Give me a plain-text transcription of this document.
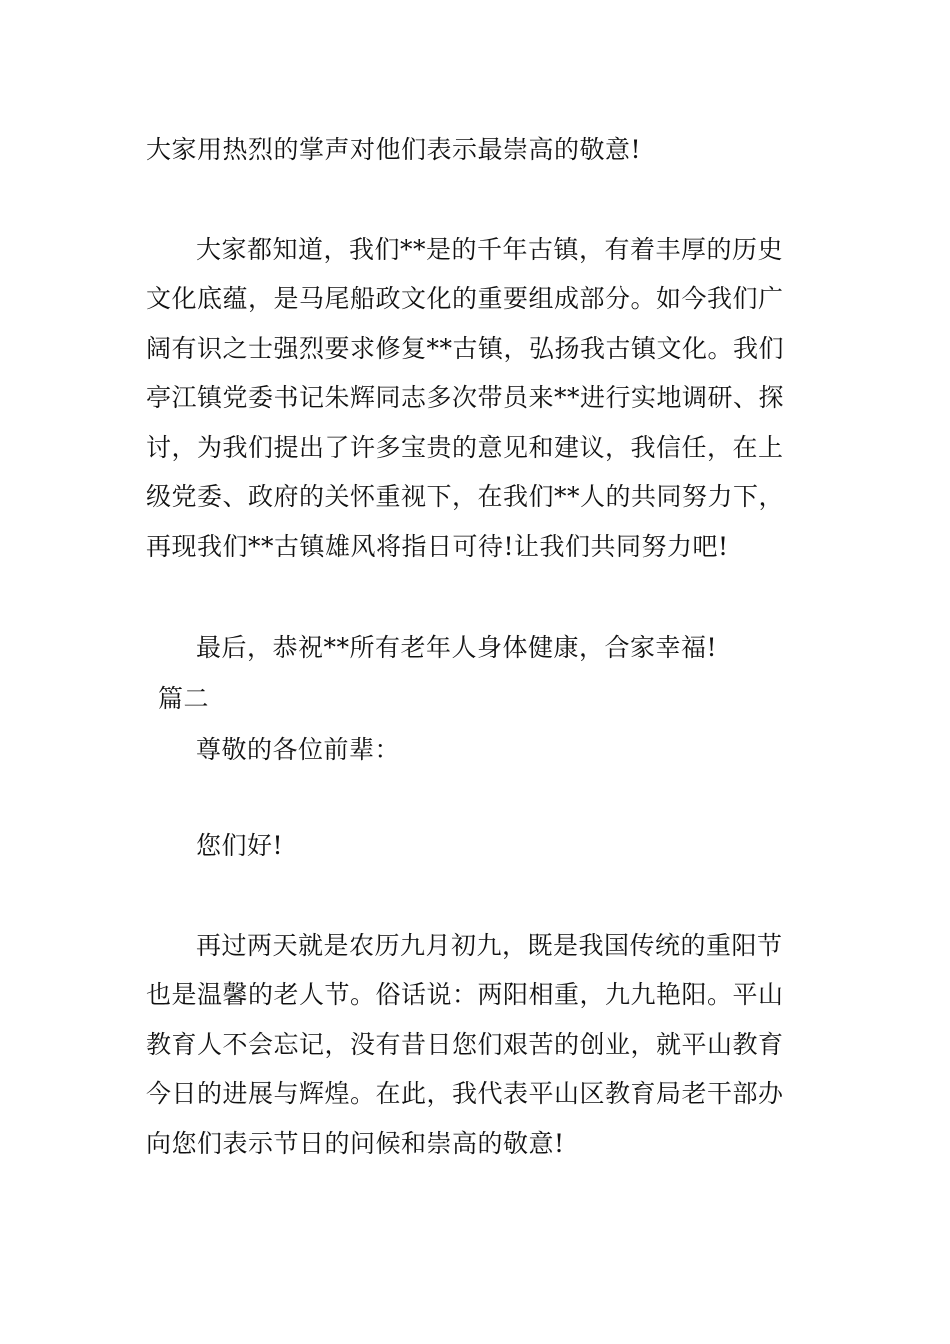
大家用热烈的掌声对他们表示最崇高的敬意!
大家都知道，我们**是的千年古镇，有着丰厚的历史
文化底蕴，是马尾船政文化的重要组成部分。如今我们广
阔有识之士强烈要求修复**古镇，弘扬我古镇文化。我们
亭江镇党委书记朱辉同志多次带员来**进行实地调研、探
讨，为我们提出了许多宝贵的意见和建议，我信任，在上
级党委、政府的关怀重视下，在我们**人的共同努力下，
再现我们**古镇雄风将指日可待!让我们共同努力吧!
最后，恭祝**所有老年人身体健康，合家幸福!
篇二
尊敬的各位前辈：
您们好!
再过两天就是农历九月初九，既是我国传统的重阳节
也是温馨的老人节。俗话说：两阳相重，九九艳阳。平山
教育人不会忘记，没有昔日您们艰苦的创业，就平山教育
今日的进展与辉煌。在此，我代表平山区教育局老干部办
向您们表示节日的问候和崇高的敬意!
